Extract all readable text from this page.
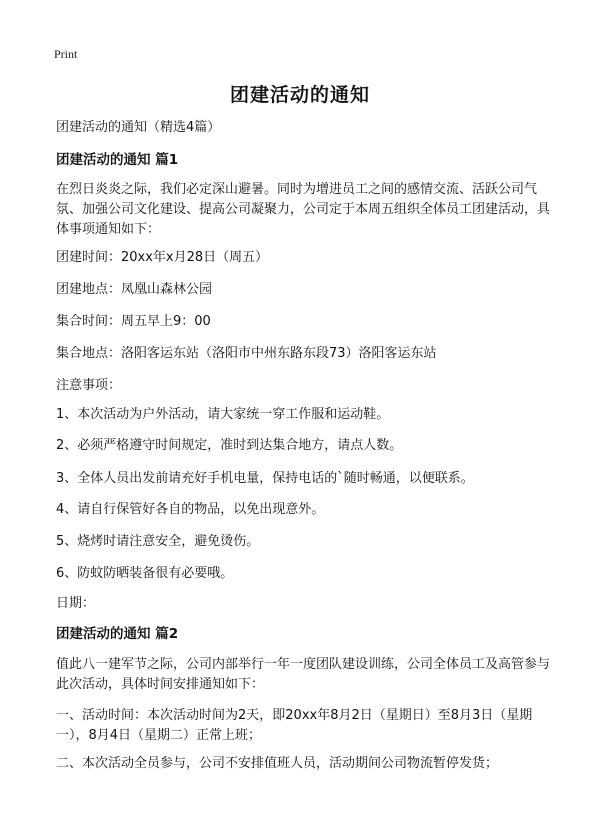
Print
团建活动的通知
团建活动的通知（精选4篇）
团建活动的通知 篇1
在烈日炎炎之际，我们必定深山避暑。同时为增进员工之间的感情交流、活跃公司气氛、加强公司文化建设、提高公司凝聚力，公司定于本周五组织全体员工团建活动，具体事项通知如下：
团建时间：20xx年x月28日（周五）
团建地点：凤凰山森林公园
集合时间：周五早上9：00
集合地点：洛阳客运东站（洛阳市中州东路东段73）洛阳客运东站
注意事项：
1、本次活动为户外活动，请大家统一穿工作服和运动鞋。
2、必须严格遵守时间规定，准时到达集合地方，请点人数。
3、全体人员出发前请充好手机电量，保持电话的`随时畅通，以便联系。
4、请自行保管好各自的物品，以免出现意外。
5、烧烤时请注意安全，避免烫伤。
6、防蚊防晒装备很有必要哦。
日期：
团建活动的通知 篇2
值此八一建军节之际，公司内部举行一年一度团队建设训练，公司全体员工及高管参与此次活动，具体时间安排通知如下：
一、活动时间：本次活动时间为2天，即20xx年8月2日（星期日）至8月3日（星期一），8月4日（星期二）正常上班；
二、本次活动全员参与，公司不安排值班人员，活动期间公司物流暂停发货；
